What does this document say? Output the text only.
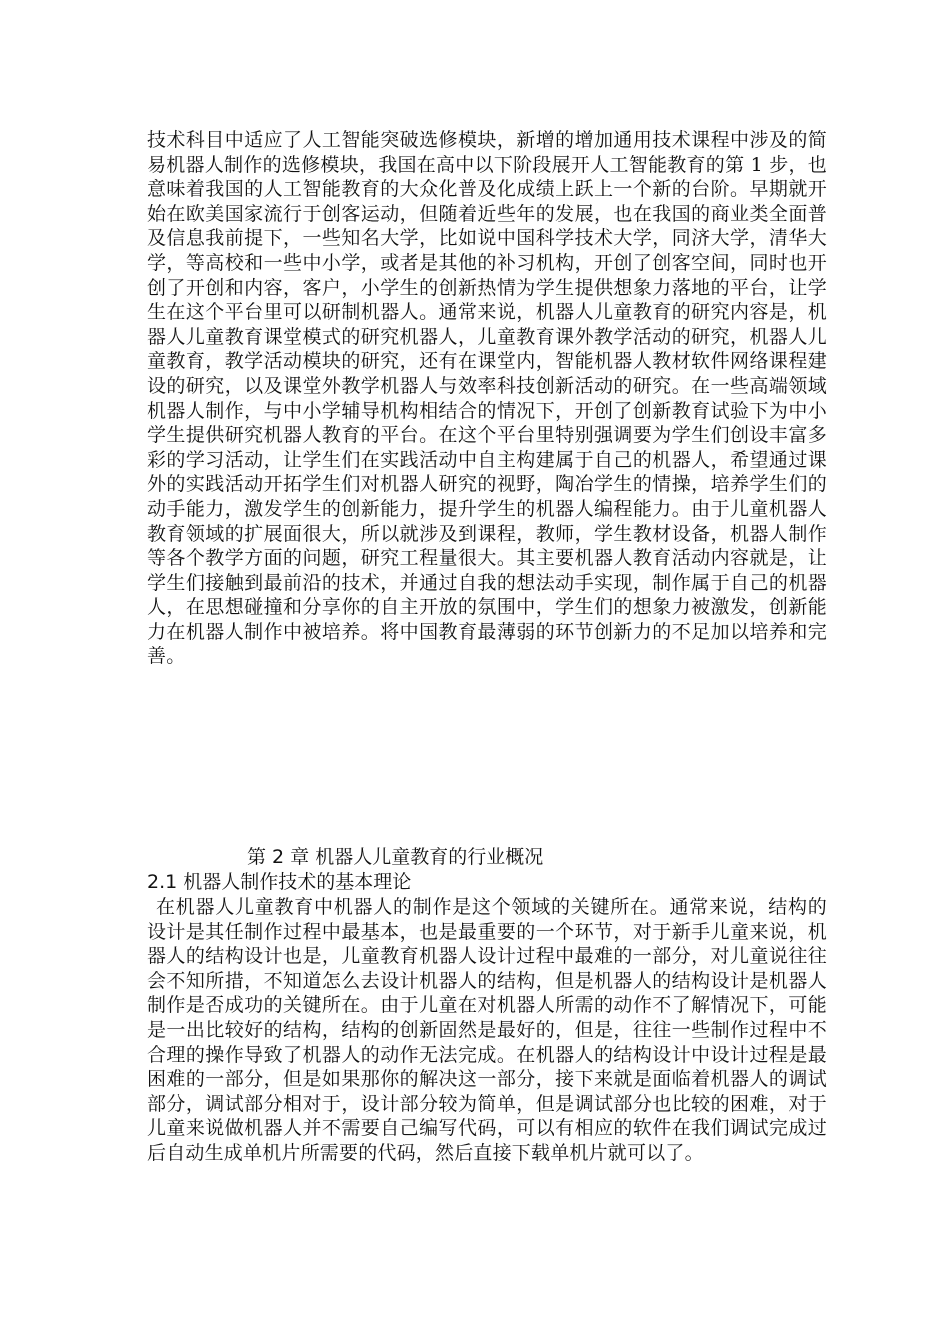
技术科目中适应了人工智能突破选修模块，新增的增加通用技术课程中涉及的简易机器人制作的选修模块，我国在高中以下阶段展开人工智能教育的第 1 步，也意味着我国的人工智能教育的大众化普及化成绩上跃上一个新的台阶。早期就开始在欧美国家流行于创客运动，但随着近些年的发展，也在我国的商业类全面普及信息我前提下，一些知名大学，比如说中国科学技术大学，同济大学，清华大学，等高校和一些中小学，或者是其他的补习机构，开创了创客空间，同时也开创了开创和内容，客户，小学生的创新热情为学生提供想象力落地的平台，让学生在这个平台里可以研制机器人。通常来说，机器人儿童教育的研究内容是，机器人儿童教育课堂模式的研究机器人，儿童教育课外教学活动的研究，机器人儿童教育，教学活动模块的研究，还有在课堂内，智能机器人教材软件网络课程建设的研究，以及课堂外教学机器人与效率科技创新活动的研究。在一些高端领域机器人制作，与中小学辅导机构相结合的情况下，开创了创新教育试验下为中小学生提供研究机器人教育的平台。在这个平台里特别强调要为学生们创设丰富多彩的学习活动，让学生们在实践活动中自主构建属于自己的机器人，希望通过课外的实践活动开拓学生们对机器人研究的视野，陶冶学生的情操，培养学生们的动手能力，激发学生的创新能力，提升学生的机器人编程能力。由于儿童机器人教育领域的扩展面很大，所以就涉及到课程，教师，学生教材设备，机器人制作等各个教学方面的问题，研究工程量很大。其主要机器人教育活动内容就是，让学生们接触到最前沿的技术，并通过自我的想法动手实现，制作属于自己的机器人，在思想碰撞和分享你的自主开放的氛围中，学生们的想象力被激发，创新能力在机器人制作中被培养。将中国教育最薄弱的环节创新力的不足加以培养和完善。
第 2 章 机器人儿童教育的行业概况
2.1 机器人制作技术的基本理论
在机器人儿童教育中机器人的制作是这个领域的关键所在。通常来说，结构的设计是其任制作过程中最基本，也是最重要的一个环节，对于新手儿童来说，机器人的结构设计也是，儿童教育机器人设计过程中最难的一部分，对儿童说往往会不知所措，不知道怎么去设计机器人的结构，但是机器人的结构设计是机器人制作是否成功的关键所在。由于儿童在对机器人所需的动作不了解情况下，可能是一出比较好的结构，结构的创新固然是最好的，但是，往往一些制作过程中不合理的操作导致了机器人的动作无法完成。在机器人的结构设计中设计过程是最困难的一部分，但是如果那你的解决这一部分，接下来就是面临着机器人的调试部分，调试部分相对于，设计部分较为简单，但是调试部分也比较的困难，对于儿童来说做机器人并不需要自己编写代码，可以有相应的软件在我们调试完成过后自动生成单机片所需要的代码，然后直接下载单机片就可以了。
